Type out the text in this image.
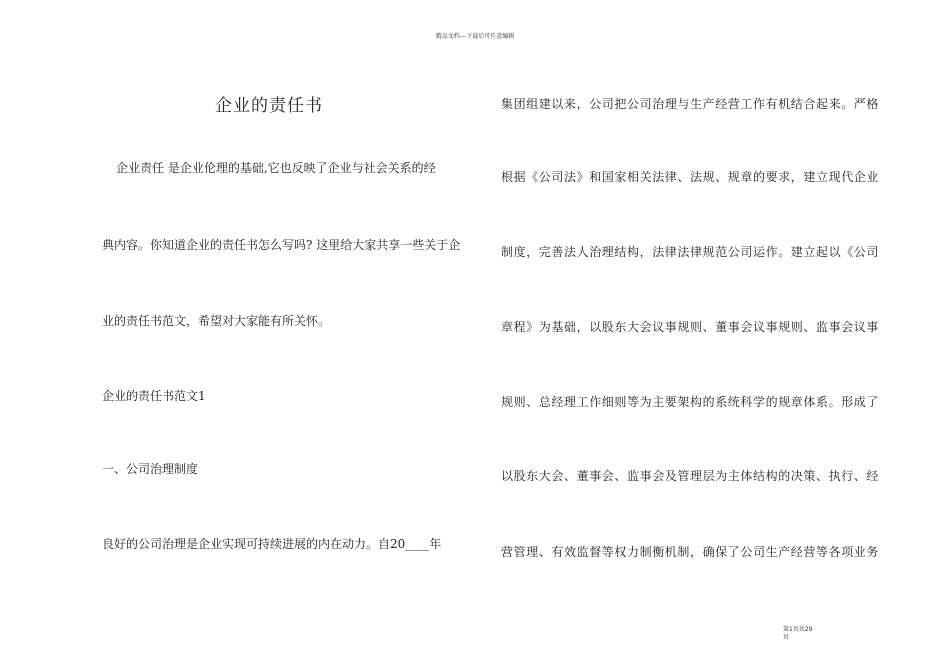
精品文档---下载后可任意编辑
企业的责任书
企业责任 是企业伦理的基础,它也反映了企业与社会关系的经
典内容。你知道企业的责任书怎么写吗? 这里给大家共享一些关于企
业的责任书范文，希望对大家能有所关怀。
企业的责任书范文1
一、公司治理制度
良好的公司治理是企业实现可持续进展的内在动力。自20____年
集团组建以来，公司把公司治理与生产经营工作有机结合起来。严格
根据《公司法》和国家相关法律、法规、规章的要求，建立现代企业
制度，完善法人治理结构，法律法律规范公司运作。建立起以《公司
章程》为基础，以股东大会议事规则、董事会议事规则、监事会议事
规则、总经理工作细则等为主要架构的系统科学的规章体系。形成了
以股东大会、董事会、监事会及管理层为主体结构的决策、执行、经
营管理、有效监督等权力制衡机制，确保了公司生产经营等各项业务
第1页共29
页
